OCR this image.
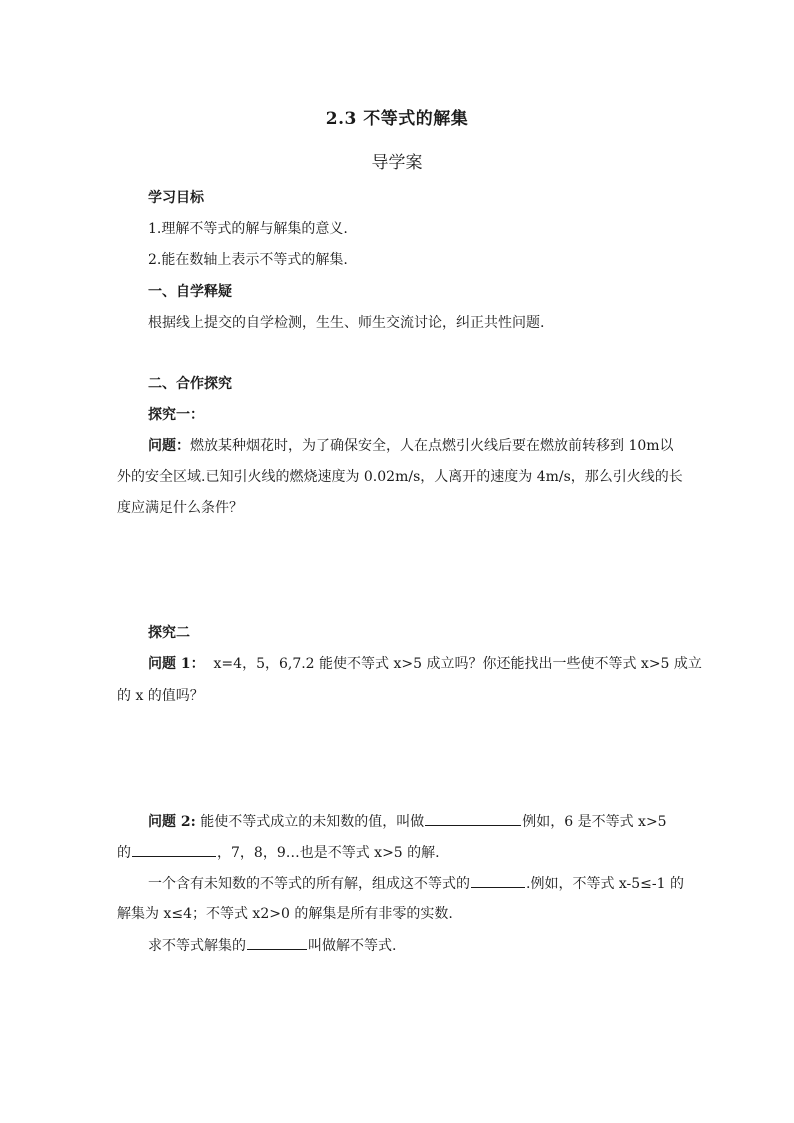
2.3 不等式的解集
导学案
学习目标
1.理解不等式的解与解集的意义.
2.能在数轴上表示不等式的解集.
一、自学释疑
根据线上提交的自学检测，生生、师生交流讨论，纠正共性问题.
二、合作探究
探究一：
问题：燃放某种烟花时，为了确保安全，人在点燃引火线后要在燃放前转移到 10m以
外的安全区域.已知引火线的燃烧速度为 0.02m/s，人离开的速度为 4m/s，那么引火线的长
度应满足什么条件？
探究二
问题 1： x=4，5，6,7.2 能使不等式 x>5 成立吗？你还能找出一些使不等式 x>5 成立
的 x 的值吗？
问题 2: 能使不等式成立的未知数的值，叫做	例如，6 是不等式 x>5
的	，7，8，9…也是不等式 x>5 的解.
一个含有未知数的不等式的所有解，组成这不等式的	.例如，不等式 x-5≤-1 的
解集为 x≤4；不等式 x2>0 的解集是所有非零的实数.
求不等式解集的	叫做解不等式.
